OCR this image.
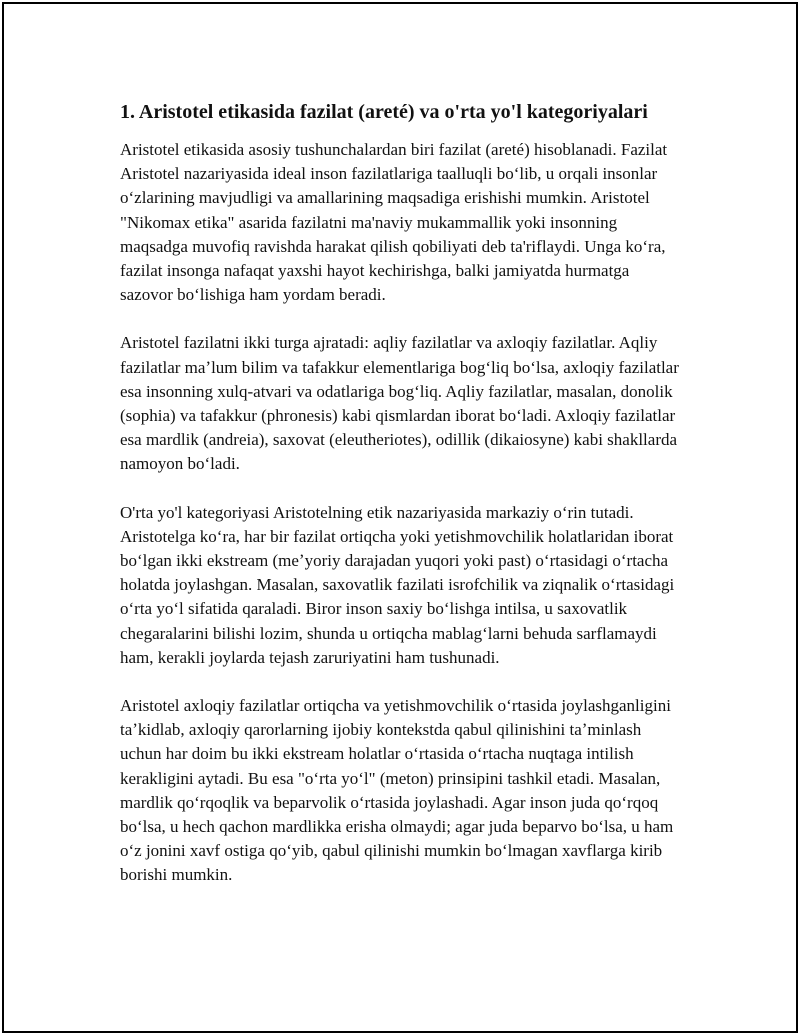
1. Aristotel etikasida fazilat (areté) va o'rta yo'l kategoriyalari

Aristotel etikasida asosiy tushunchalardan biri fazilat (areté) hisoblanadi. Fazilat Aristotel nazariyasida ideal inson fazilatlariga taalluqli boʻlib, u orqali insonlar oʻzlarining mavjudligi va amallarining maqsadiga erishishi mumkin. Aristotel "Nikomax etika" asarida fazilatni ma'naviy mukammallik yoki insonning maqsadga muvofiq ravishda harakat qilish qobiliyati deb ta'riflaydi. Unga koʻra, fazilat insonga nafaqat yaxshi hayot kechirishga, balki jamiyatda hurmatga sazovor boʻlishiga ham yordam beradi.

Aristotel fazilatni ikki turga ajratadi: aqliy fazilatlar va axloqiy fazilatlar. Aqliy fazilatlar maʼlum bilim va tafakkur elementlariga bogʻliq boʻlsa, axloqiy fazilatlar esa insonning xulq-atvari va odatlariga bogʻliq. Aqliy fazilatlar, masalan, donolik (sophia) va tafakkur (phronesis) kabi qismlardan iborat boʻladi. Axloqiy fazilatlar esa mardlik (andreia), saxovat (eleutheriotes), odillik (dikaiosyne) kabi shakllarda namoyon boʻladi.

O'rta yo'l kategoriyasi Aristotelning etik nazariyasida markaziy oʻrin tutadi. Aristotelga koʻra, har bir fazilat ortiqcha yoki yetishmovchilik holatlaridan iborat boʻlgan ikki ekstream (meʼyoriy darajadan yuqori yoki past) oʻrtasidagi oʻrtacha holatda joylashgan. Masalan, saxovatlik fazilati isrofchilik va ziqnalik oʻrtasidagi oʻrta yoʻl sifatida qaraladi. Biror inson saxiy boʻlishga intilsa, u saxovatlik chegaralarini bilishi lozim, shunda u ortiqcha mablagʻlarni behuda sarflamaydi ham, kerakli joylarda tejash zaruriyatini ham tushunadi.

Aristotel axloqiy fazilatlar ortiqcha va yetishmovchilik oʻrtasida joylashganligini taʼkidlab, axloqiy qarorlarning ijobiy kontekstda qabul qilinishini taʼminlash uchun har doim bu ikki ekstream holatlar oʻrtasida oʻrtacha nuqtaga intilish kerakligini aytadi. Bu esa "oʻrta yoʻl" (meton) prinsipini tashkil etadi. Masalan, mardlik qoʻrqoqlik va beparvolik oʻrtasida joylashadi. Agar inson juda qoʻrqoq boʻlsa, u hech qachon mardlikka erisha olmaydi; agar juda beparvo boʻlsa, u ham oʻz jonini xavf ostiga qoʻyib, qabul qilinishi mumkin boʻlmagan xavflarga kirib borishi mumkin.
